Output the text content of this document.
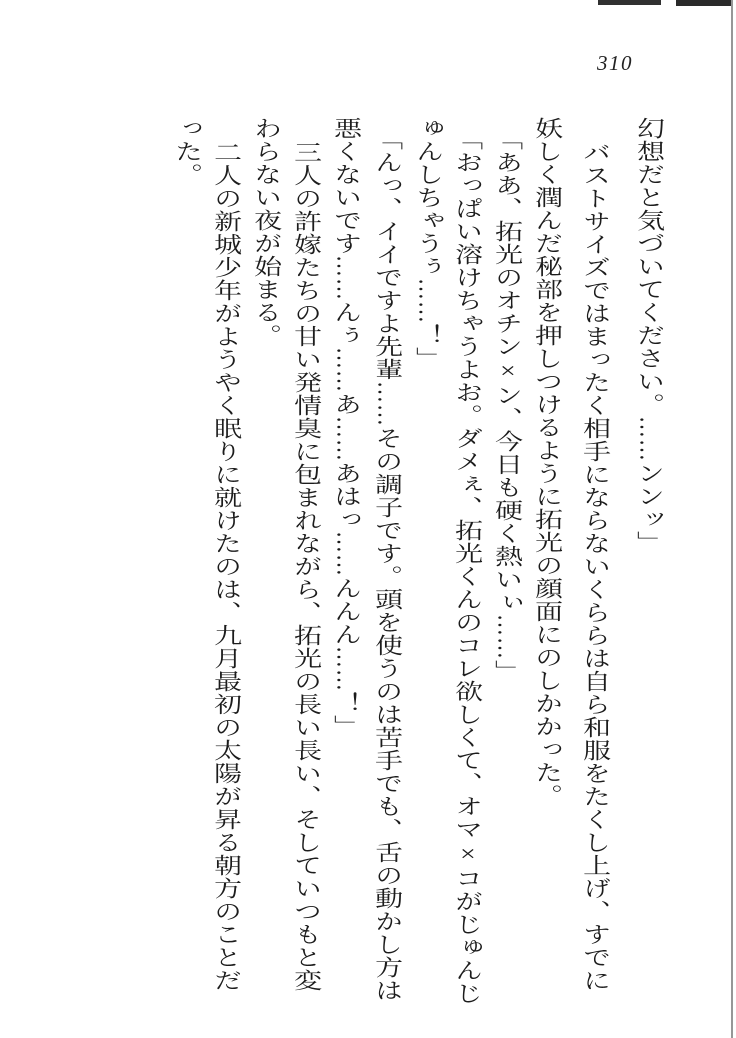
310
幻想だと気づいてください。……ンンッ」
バストサイズではまったく相手にならないくららは自ら和服をたくし上げ、すでに
妖しく潤んだ秘部を押しつけるように拓光の顔面にのしかかった。
「ああ、拓光のオチン×ン、今日も硬く熱いぃ……」
「おっぱい溶けちゃうよお。ダメぇ、拓光くんのコレ欲しくて、オマ×コがじゅんじ
ゅんしちゃうぅ……！」
「んっ、イイですよ先輩……その調子です。頭を使うのは苦手でも、舌の動かし方は
悪くないです……んぅ……あ……あはっ……んんん……！」
三人の許嫁たちの甘い発情臭に包まれながら、拓光の長い長い、そしていつもと変
わらない夜が始まる。
二人の新城少年がようやく眠りに就けたのは、九月最初の太陽が昇る朝方のことだ
った。
